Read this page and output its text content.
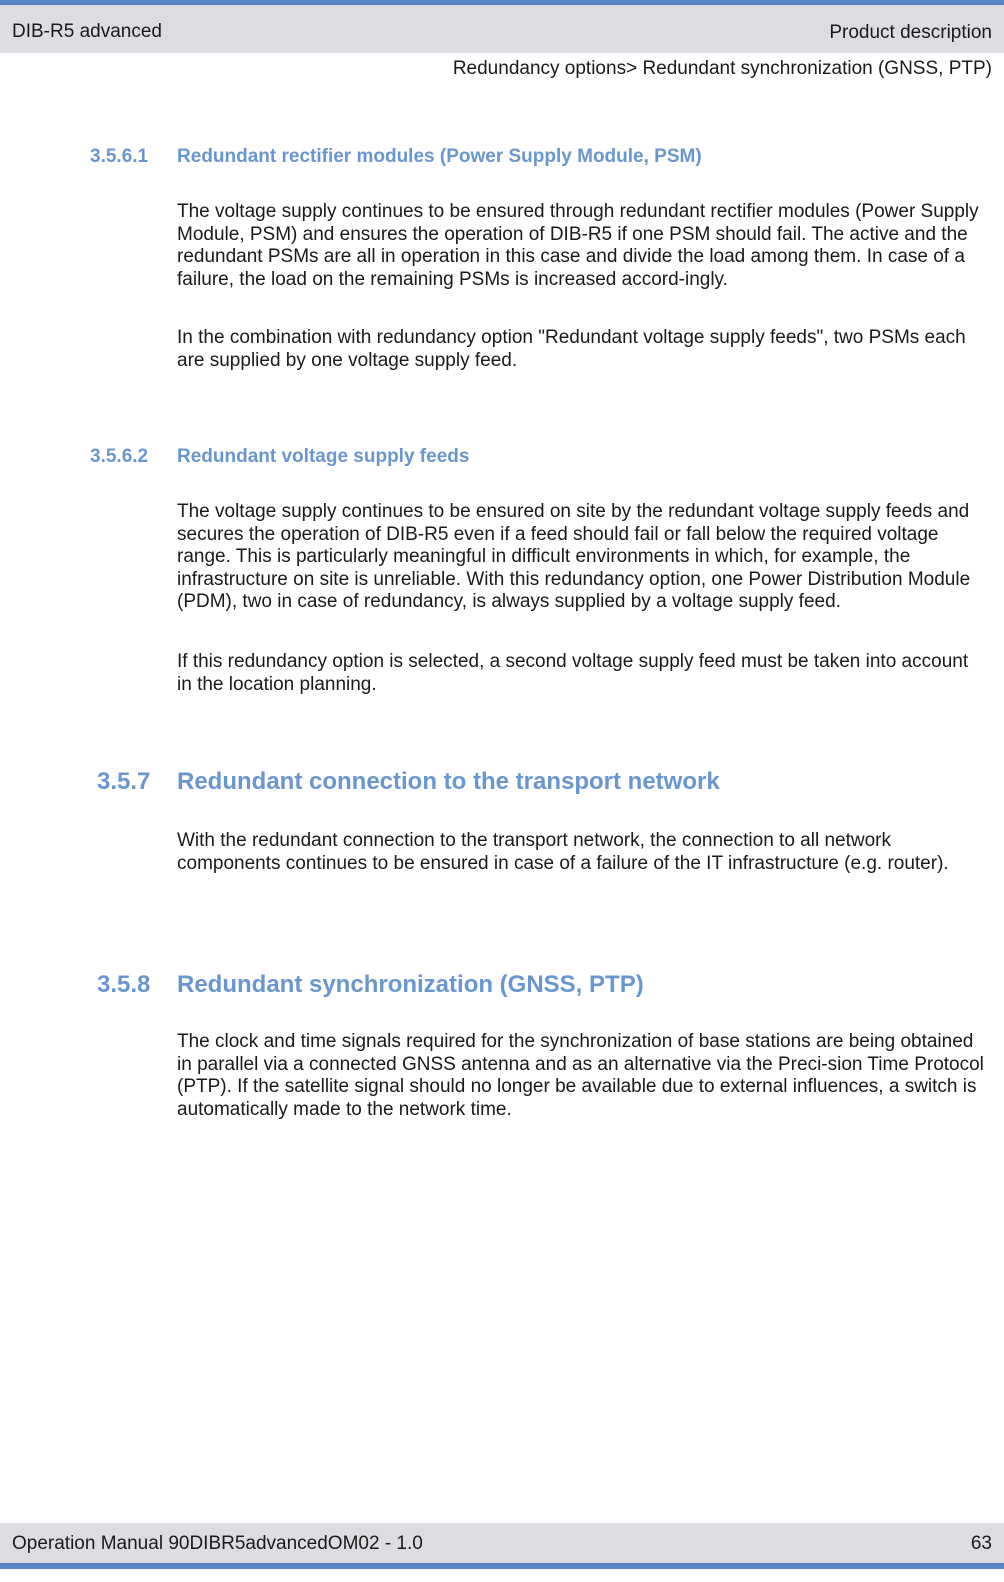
DIB-R5 advanced	Product description
Redundancy options> Redundant synchronization (GNSS, PTP)
3.5.6.1 Redundant rectifier modules (Power Supply Module, PSM)

The voltage supply continues to be ensured through redundant rectifier modules (Power Supply Module, PSM) and ensures the operation of DIB-R5 if one PSM should fail. The active and the redundant PSMs are all in operation in this case and divide the load among them. In case of a failure, the load on the remaining PSMs is increased accord-ingly.

In the combination with redundancy option "Redundant voltage supply feeds", two PSMs each are supplied by one voltage supply feed.

3.5.6.2 Redundant voltage supply feeds

The voltage supply continues to be ensured on site by the redundant voltage supply feeds and secures the operation of DIB-R5 even if a feed should fail or fall below the required voltage range. This is particularly meaningful in difficult environments in which, for example, the infrastructure on site is unreliable. With this redundancy option, one Power Distribution Module (PDM), two in case of redundancy, is always supplied by a voltage supply feed.

If this redundancy option is selected, a second voltage supply feed must be taken into account in the location planning.

3.5.7 Redundant connection to the transport network

With the redundant connection to the transport network, the connection to all network components continues to be ensured in case of a failure of the IT infrastructure (e.g. router).

3.5.8 Redundant synchronization (GNSS, PTP)

The clock and time signals required for the synchronization of base stations are being obtained in parallel via a connected GNSS antenna and as an alternative via the Preci-sion Time Protocol (PTP). If the satellite signal should no longer be available due to external influences, a switch is automatically made to the network time.

Operation Manual 90DIBR5advancedOM02 - 1.0	63
